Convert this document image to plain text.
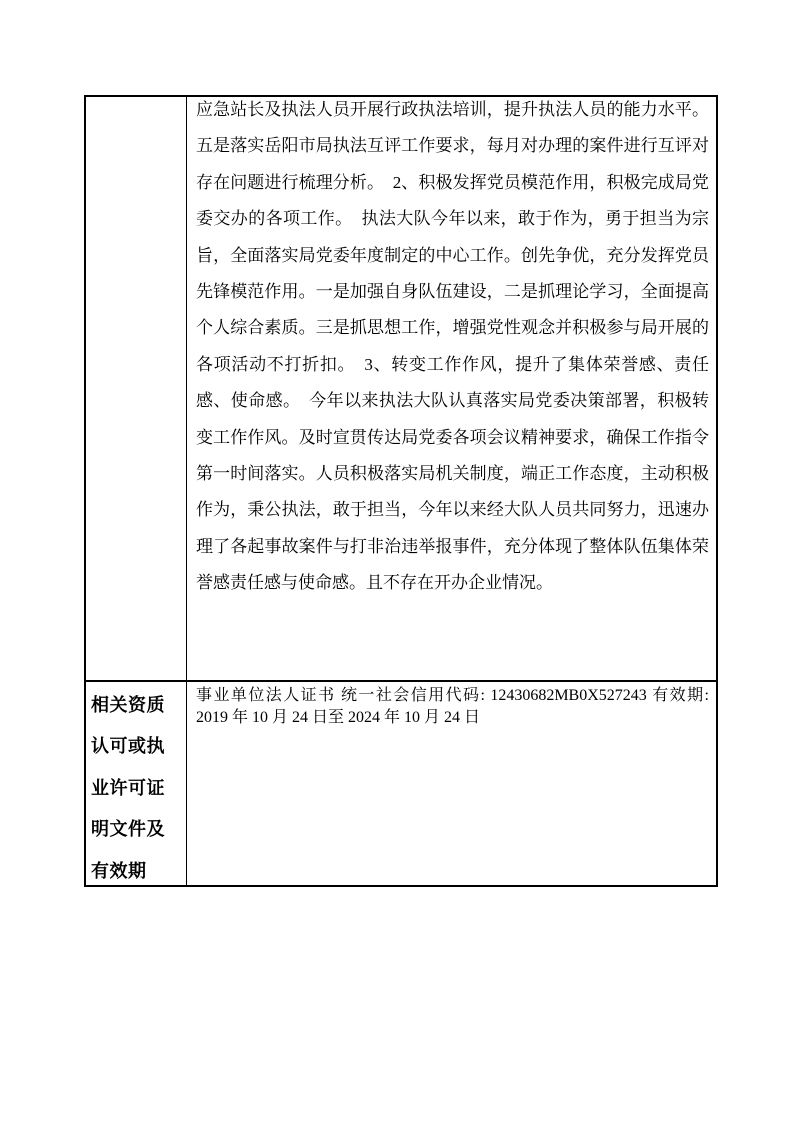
应急站长及执法人员开展行政执法培训，提升执法人员的能力水平。五是落实岳阳市局执法互评工作要求，每月对办理的案件进行互评对存在问题进行梳理分析。　2、积极发挥党员模范作用，积极完成局党委交办的各项工作。　执法大队今年以来，敢于作为，勇于担当为宗旨，全面落实局党委年度制定的中心工作。创先争优，充分发挥党员先锋模范作用。一是加强自身队伍建设，二是抓理论学习，全面提高个人综合素质。三是抓思想工作，增强党性观念并积极参与局开展的各项活动不打折扣。　3、转变工作作风，提升了集体荣誉感、责任感、使命感。　今年以来执法大队认真落实局党委决策部署，积极转变工作作风。及时宣贯传达局党委各项会议精神要求，确保工作指令第一时间落实。人员积极落实局机关制度，端正工作态度，主动积极作为，秉公执法，敢于担当，今年以来经大队人员共同努力，迅速办理了各起事故案件与打非治违举报事件，充分体现了整体队伍集体荣誉感责任感与使命感。且不存在开办企业情况。

相关资质
认可或执
业许可证
明文件及
有效期

事业单位法人证书 统一社会信用代码: 12430682MB0X527243 有效期: 2019 年 10 月 24 日至 2024 年 10 月 24 日
